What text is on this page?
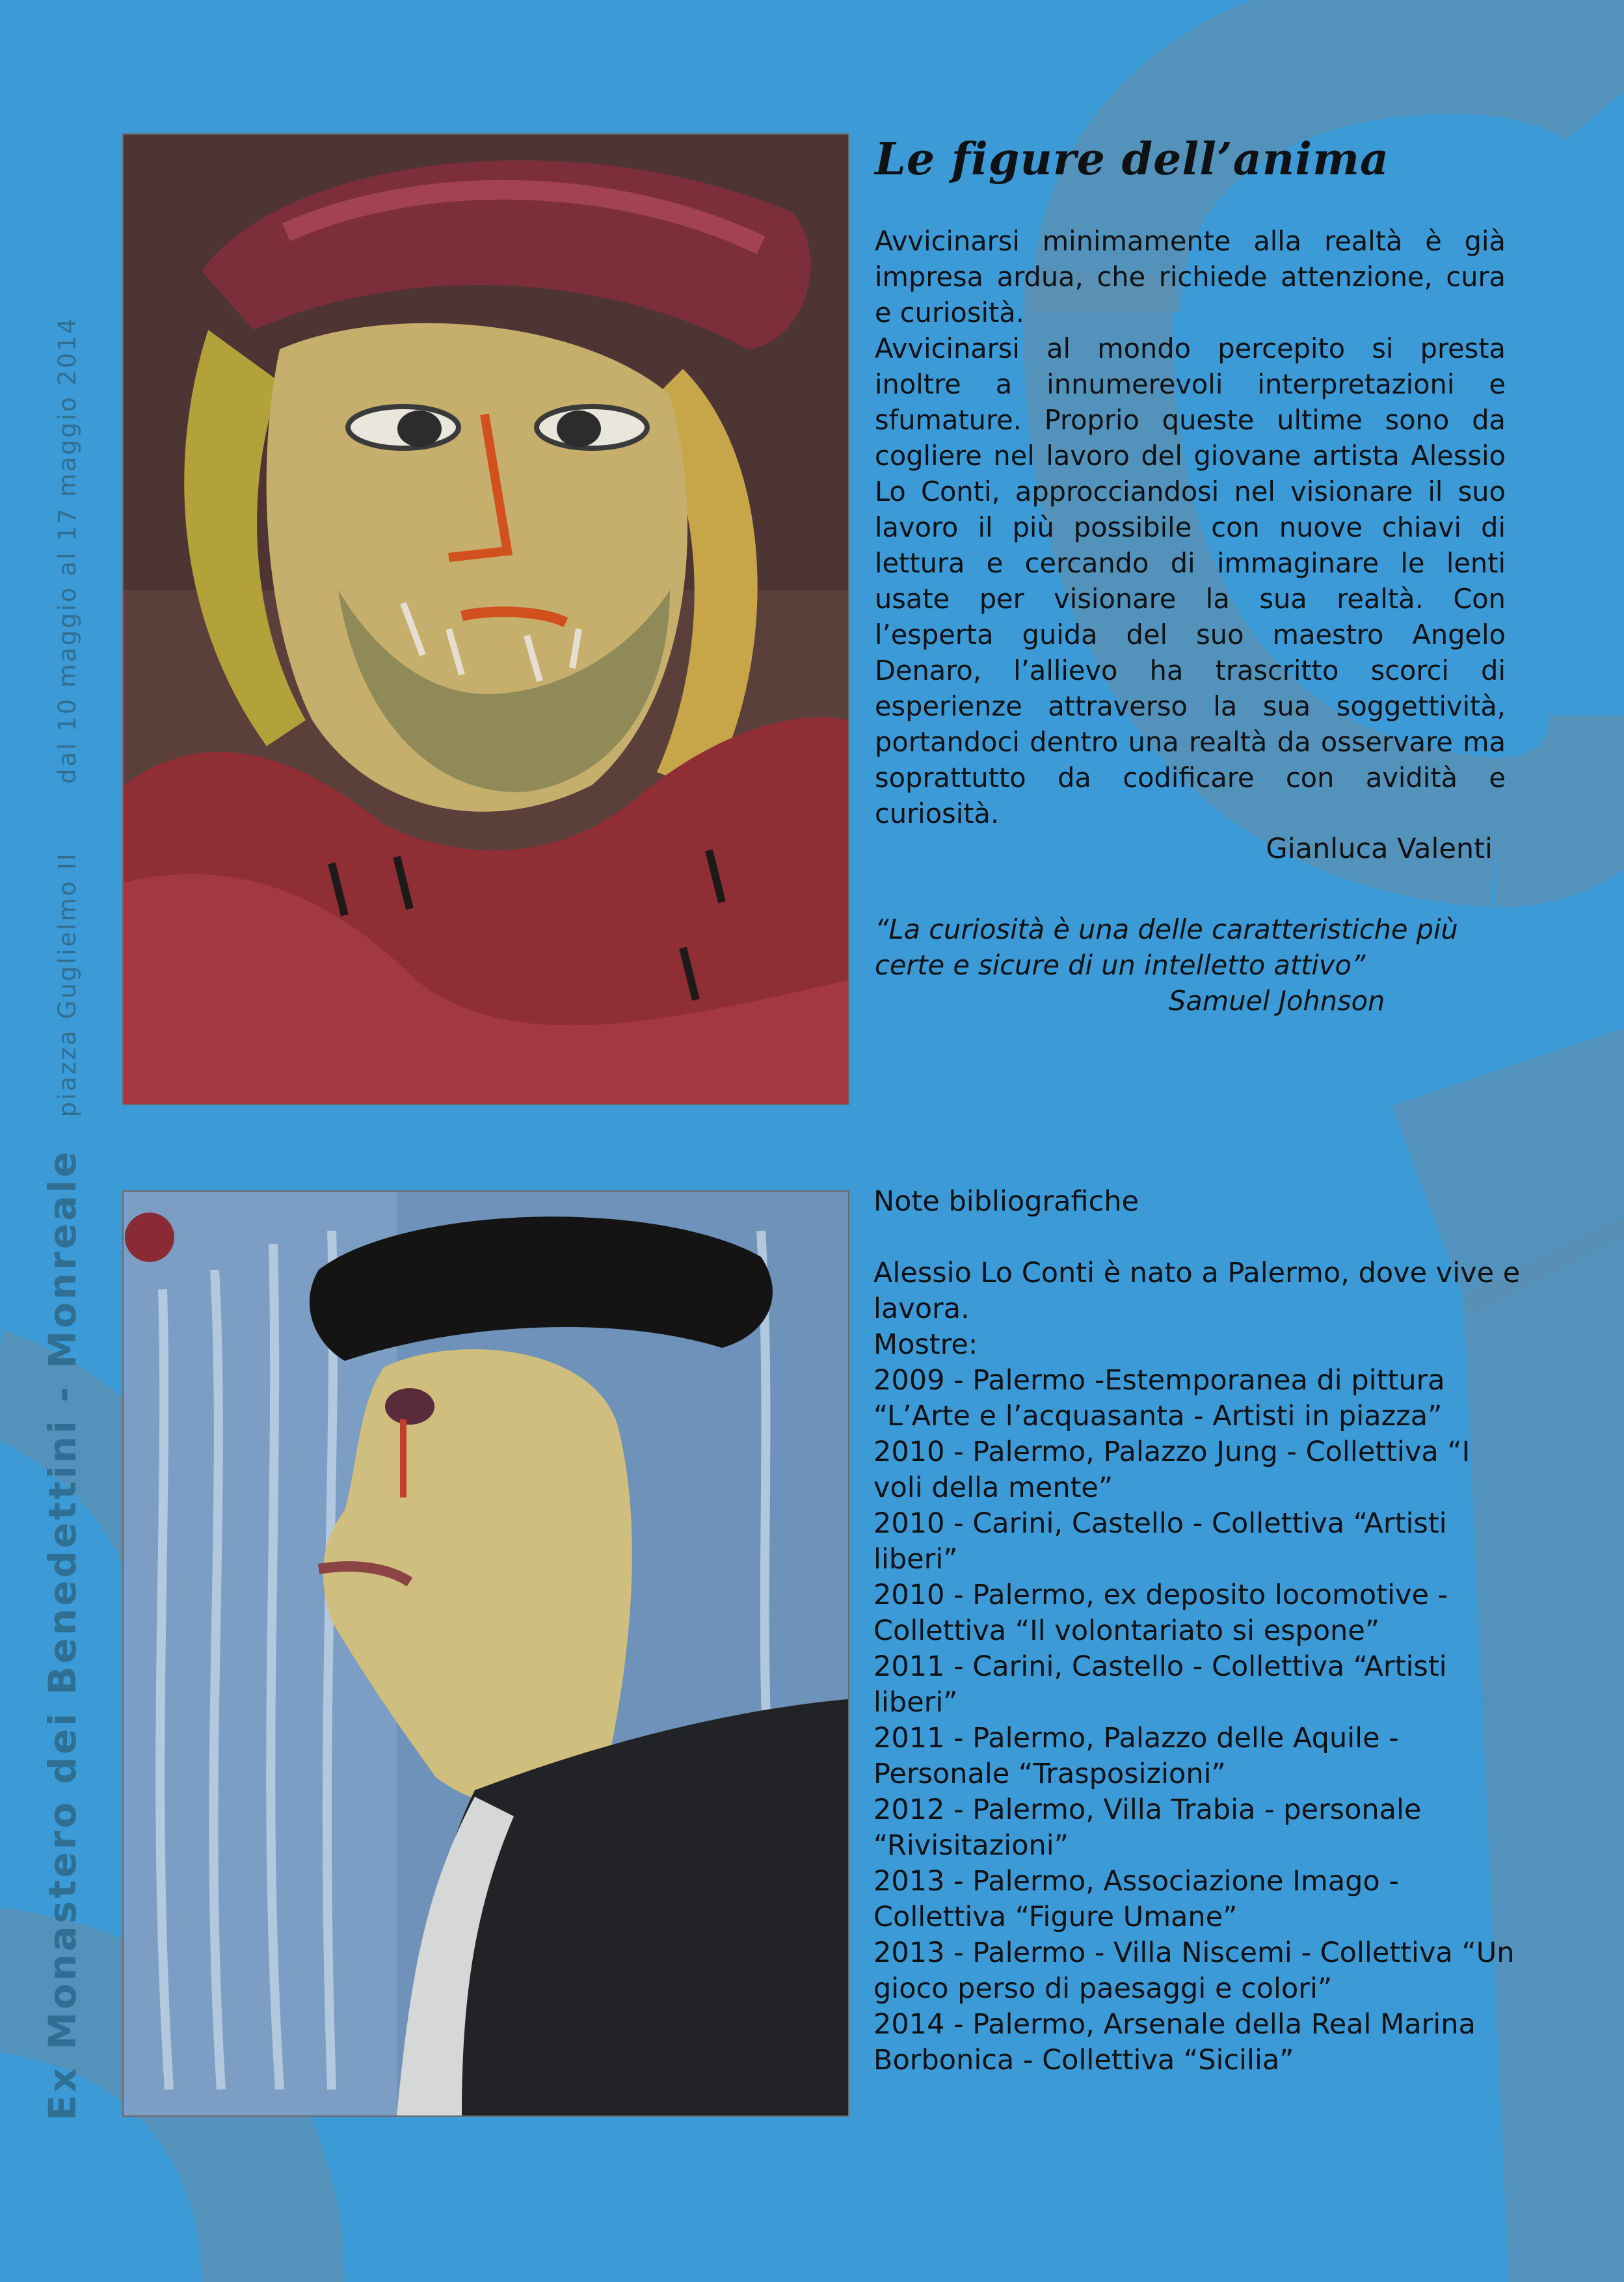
Ex Monastero dei Benedettini - Monreale piazza Guglielmo II  dal 10 maggio al 17 maggio 2014
Le figure dell’anima

Avvicinarsi minimamente alla realtà è già impresa ardua, che richiede attenzione, cura e curiosità.

Avvicinarsi al mondo percepito si presta inoltre a innumerevoli interpretazioni e sfumature. Proprio queste ultime sono da cogliere nel lavoro del giovane artista Alessio Lo Conti, approcciandosi nel visionare il suo lavoro il più possibile con nuove chiavi di lettura e cercando di immaginare le lenti usate per visionare la sua realtà. Con l’esperta guida del suo maestro Angelo Denaro, l’allievo ha trascritto scorci di esperienze attraverso la sua soggettività, portandoci dentro una realtà da osservare ma soprattutto da codificare con avidità e curiosità.

Gianluca Valenti

“La curiosità è una delle caratteristiche più certe e sicure di un intelletto attivo”
Samuel Johnson
Note bibliografiche
Alessio Lo Conti è nato a Palermo, dove vive e lavora.
Mostre:
2009 - Palermo -Estemporanea di pittura “L’Arte e l’acquasanta - Artisti in piazza”
2010 - Palermo, Palazzo Jung - Collettiva “I voli della mente”
2010 - Carini, Castello - Collettiva “Artisti liberi”
2010 - Palermo, ex deposito locomotive - Collettiva “Il volontariato si espone”
2011 - Carini, Castello - Collettiva “Artisti liberi”
2011 - Palermo, Palazzo delle Aquile - Personale “Trasposizioni”
2012 - Palermo, Villa Trabia - personale “Rivisitazioni”
2013 - Palermo, Associazione Imago - Collettiva “Figure Umane”
2013 - Palermo - Villa Niscemi - Collettiva “Un gioco perso di paesaggi e colori”
2014 - Palermo, Arsenale della Real Marina Borbonica - Collettiva “Sicilia”
